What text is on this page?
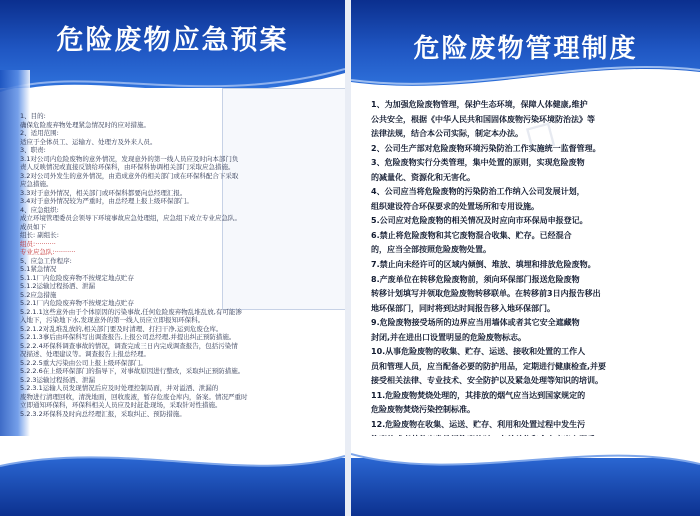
危险废物应急预案
1、目的:
确保危险废弃物处理紧急情况时的应对措施。
2、适用范围:
适应于全体员工、运输方、处理方及外来人员。
3、职责:
3.1对公司内危险废物的意外情况，发现意外的第一线人员应及时向本部门负
责人反映情况或直接反馈给环保科，由环保科协调相关部门采取应急措施。
3.2对公司外发生的意外情况，由造成意外的相关部门或在环保科配合下采取
应急措施。
3.3对于意外情况，相关部门或环保科都要向总经理汇报。
3.4对于意外情况较为严重时，由总经理上报上级环保部门。
4、应急组织:
成立环境管理委员会领导下环境事故应急处理组，应急组下成立专业应急队。
成员如下
组长: 副组长:
组员:··········
专业应急队:··········
5、应急工作程序:
5.1紧急情况
5.1.1厂内危险废弃物不按规定地点贮存
5.1.2运输过程扬洒、泄漏
5.2应急措施
5.2.1厂内危险废弃物不按规定地点贮存
5.2.1.1这些意外由于个体原因的污染事故,任何危险废弃物乱堆乱放,有可能渗
入地下，污染地下水,发现意外的第一线人员应立即报知环保科。
5.2.1.2对乱堆乱放的,相关部门要及时清理、打扫干净,运到危废仓库。
5.2.1.3事后由环保科写出调查报告,上报公司总经理,并提出纠正预防措施。
5.2.2.4环保科调查事故的情况，调查完成三日内完成调查报告，包括污染情
况描述、处理建议等。调查报告上报总经理。
5.2.2.5重大污染由公司上报上级环保部门。
5.2.2.6在上级环保部门的指导下，对事故原因进行整改，采取纠正预防措施。
5.2.3运输过程扬洒、泄漏
5.2.3.1运输人员发现情况后应及时处理控制局面，并对溢洒、泄漏的
废物进行清理回收，清洗地面，回收废液，暂存危废仓库内，备案。情况严重时
立即通知环保科，环保科相关人员应及时赶赴现场，采取针对性措施。
5.2.3.2环保科及时向总经理汇报，采取纠正、预防措施。
危险废物管理制度
◇
1、为加强危险废物管理，保护生态环境，保障人体健康,维护
公共安全，根据《中华人民共和国固体废物污染环境防治法》等
法律法规，结合本公司实际，制定本办法。
2、公司生产部对危险废物环境污染防治工作实施统一监督管理。
3、危险废物实行分类管理，集中处置的原则，实现危险废物
的减量化、资源化和无害化。
4、公司应当将危险废物的污染防治工作纳入公司发展计划，
组织建设符合环保要求的处置场所和专用设施。
5.公司应对危险废物的相关情况及时应向市环保局申报登记。
6.禁止将危险废物和其它废物混合收集、贮存。已经混合
的，应当全部按照危险废物处置。
7.禁止向未经许可的区域内倾倒、堆放、填埋和排放危险废物。
8.产废单位在转移危险废物前，须向环保部门报送危险废物
转移计划填写并领取危险废物转移联单。在转移前3日内报告移出
地环保部门，同时将到达时间报告移入地环保部门。
9.危险废物接受场所的边界应当用墙体或者其它安全遮藏物
封闭,并在进出口设置明显的危险废物标志。
10.从事危险废物的收集、贮存、运送、接收和处置的工作人
员和管理人员，应当配备必要的防护用品，定期进行健康检查,并要
接受相关法律、专业技术、安全防护以及紧急处理等知识的培训。
11.危险废物焚烧处理的，其排放的烟气应当达到国家规定的
危险废物焚烧污染控制标准。
12.危险废物在收集、运送、贮存、利用和处置过程中发生污
